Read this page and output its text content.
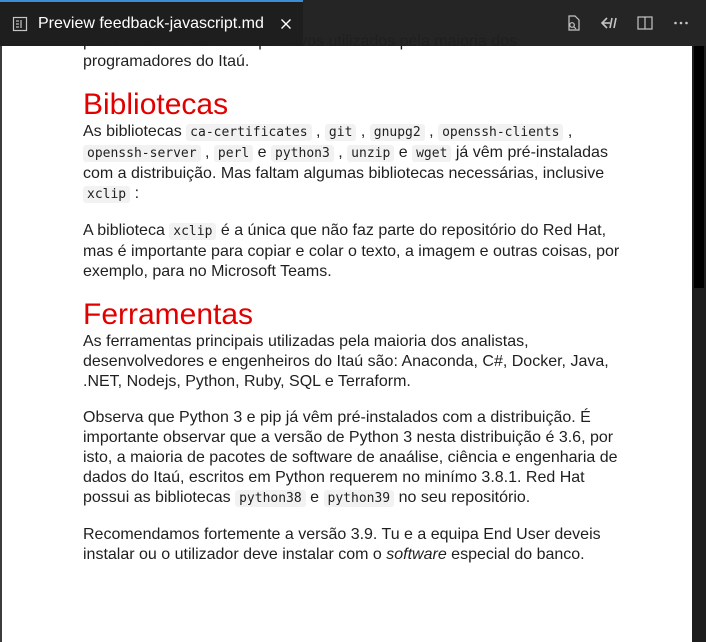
Preview feedback-javascript.md

princiais ferramentas e aplicativos utilizados pela maioria dos
programadores do Itaú.

Bibliotecas

As bibliotecas ca-certificates , git , gnupg2 , openssh-clients , openssh-server , perl e python3 , unzip e wget já vêm pré-instaladas com a distribuição. Mas faltam algumas bibliotecas necessárias, inclusive xclip :

A biblioteca xclip é a única que não faz parte do repositório do Red Hat, mas é importante para copiar e colar o texto, a imagem e outras coisas, por exemplo, para no Microsoft Teams.

Ferramentas

As ferramentas principais utilizadas pela maioria dos analistas, desenvolvedores e engenheiros do Itaú são: Anaconda, C#, Docker, Java, .NET, Nodejs, Python, Ruby, SQL e Terraform.

Observa que Python 3 e pip já vêm pré-instalados com a distribuição. É importante observar que a versão de Python 3 nesta distribuição é 3.6, por isto, a maioria de pacotes de software de anaálise, ciência e engenharia de dados do Itaú, escritos em Python requerem no minímo 3.8.1. Red Hat possui as bibliotecas python38 e python39 no seu repositório.

Recomendamos fortemente a versão 3.9. Tu e a equipa End User deveis instalar ou o utilizador deve instalar com o software especial do banco.
